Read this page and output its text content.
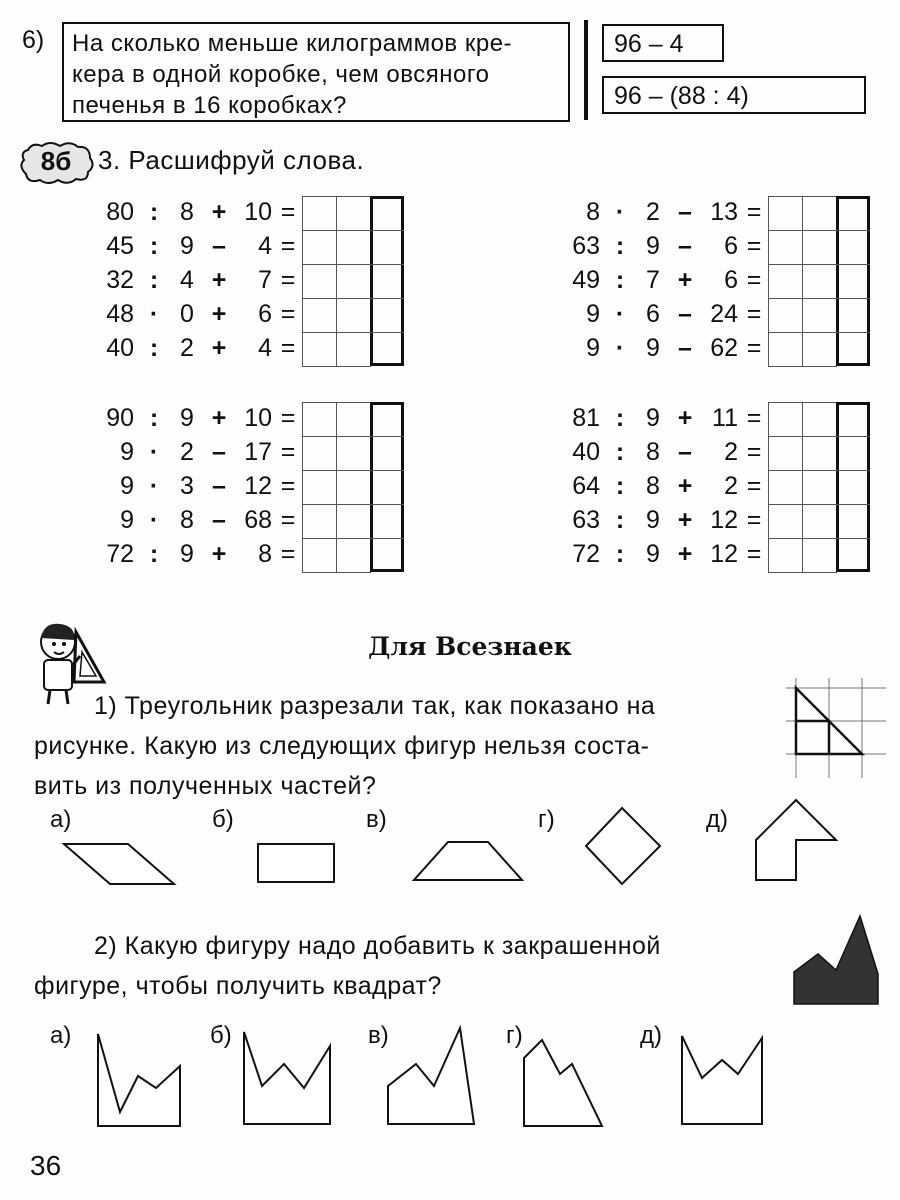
6) На сколько меньше килограммов кре-
кера в одной коробке, чем овсяного
печенья в 16 коробках?
96 – 4
96 – (88 : 4)
8б	3. Расшифруй слова.
80 : 8 + 10 =
45 : 9 –	4 =
32 : 4 +	7 =
48 · 0 +	6 =
40 : 2 +	4 =
8 · 2 – 13 =
63 : 9 –	6 =
49 : 7 +	6 =
9 · 6 – 24 =
9 · 9 – 62 =
90 : 9 + 10 =
9 · 2 – 17 =
9 · 3 – 12 =
9 · 8 – 68 =
72 : 9 +	8 =
81 : 9 + 11 =
40 : 8 –	2 =
64 : 8 +	2 =
63 : 9 + 12 =
72 : 9 + 12 =
Для Всезнаек
1) Треугольник разрезали так, как показано на
рисунке. Какую из следующих фигур нельзя соста-
вить из полученных частей?
а)	б)	в)	г)	д)
2) Какую фигуру надо добавить к закрашенной
фигуре, чтобы получить квадрат?
а)	б)	в)	г)	д)
36
